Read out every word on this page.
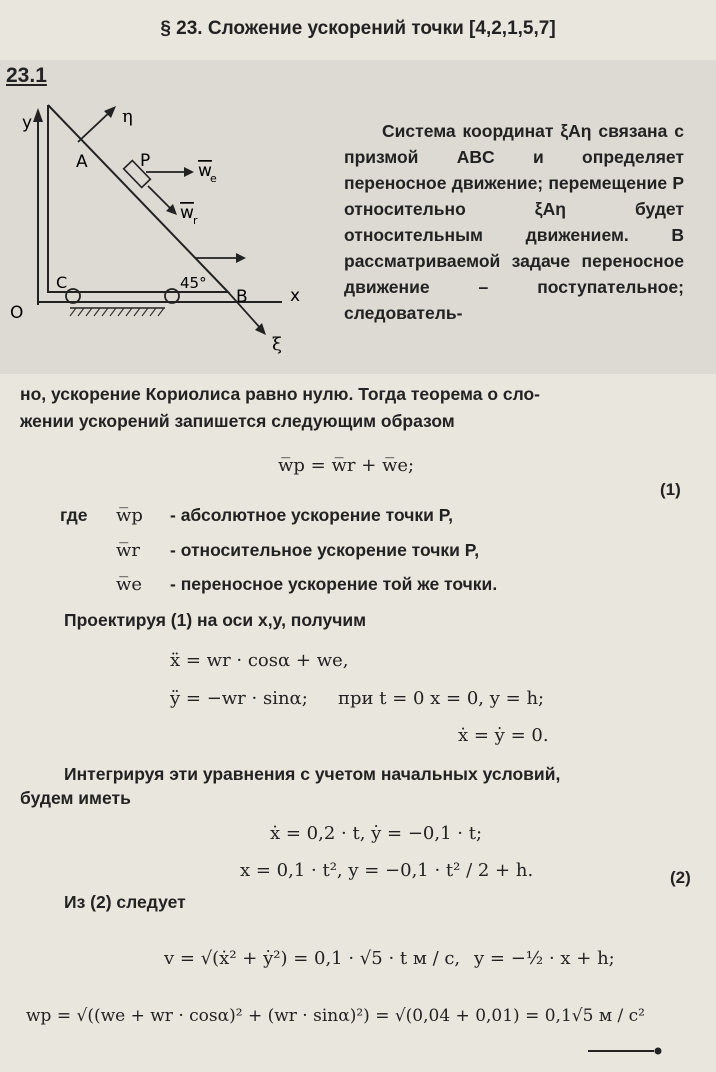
§ 23. Сложение ускорений точки [4,2,1,5,7]
23.1
y
x
O
η
ξ
A	P
C
B
45°
w
e
w r

Система координат ξAη связана с призмой ABC и определяет переносное движение; перемещение P относительно ξAη будет относительным движением. В рассматриваемой задаче переносное движение – поступательное; следователь-

но, ускорение Кориолиса равно нулю. Тогда теорема о сло-
жении ускорений запишется следующим образом
w̅p = w̅r + w̅e;
(1)
где w̅p - абсолютное ускорение точки P,
w̅r - относительное ускорение точки P,
w̅e - переносное ускорение той же точки.
Проектируя (1) на оси x,y, получим
ẍ = wr · cosα + we,
ÿ = −wr · sinα; при t = 0 x = 0, y = h;
ẋ = ẏ = 0.
Интегрируя эти уравнения с учетом начальных условий,
будем иметь
ẋ = 0,2 · t, ẏ = −0,1 · t;
x = 0,1 · t², y = −0,1 · t² / 2 + h.	(2)
Из (2) следует
v = √(ẋ² + ẏ²) = 0,1 · √5 · t м / с, y = −½ · x + h;
wp = √((we + wr · cosα)² + (wr · sinα)²) = √(0,04 + 0,01) = 0,1√5 м / с²
